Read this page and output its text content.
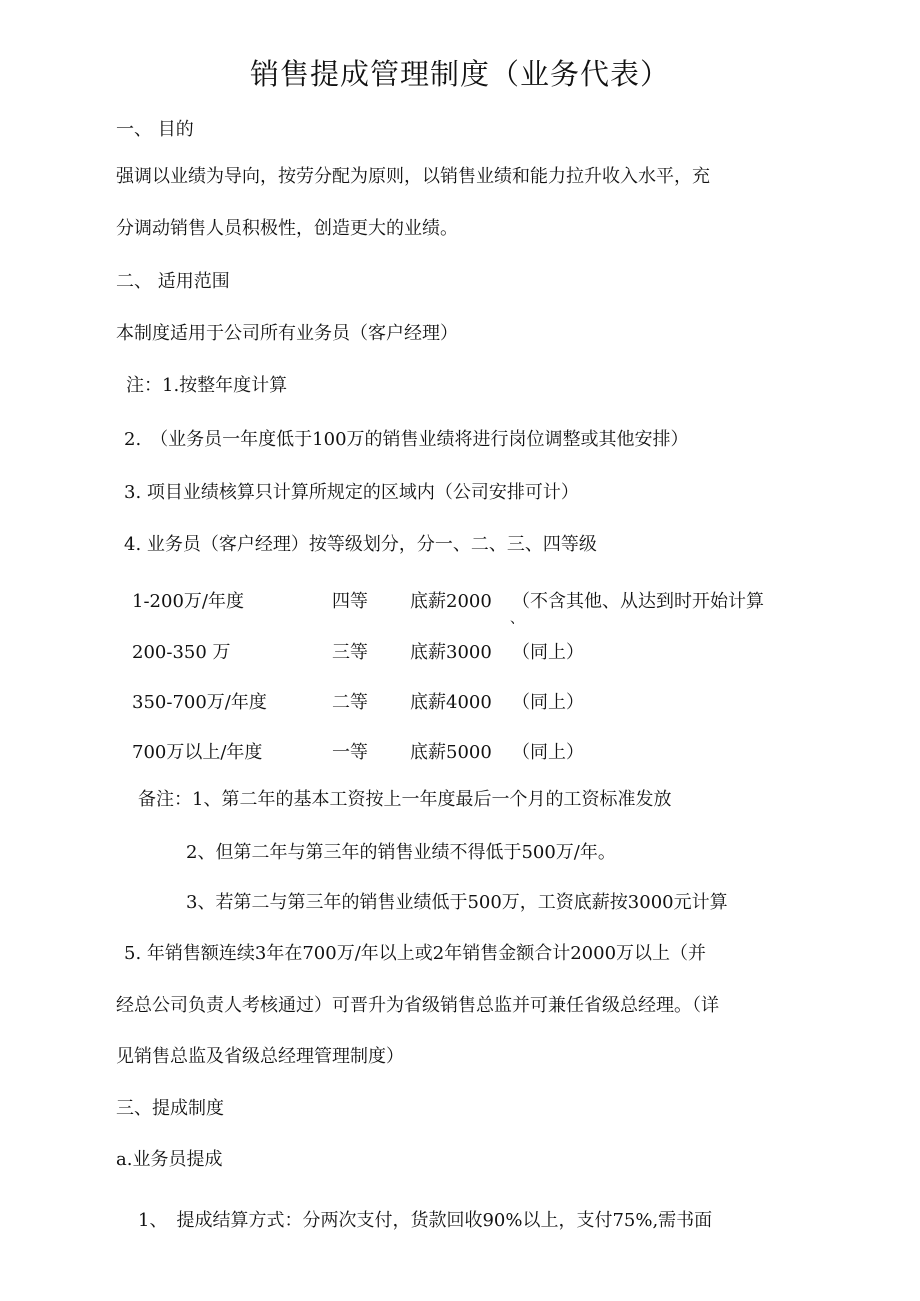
销售提成管理制度（业务代表）
一、 目的
强调以业绩为导向，按劳分配为原则，以销售业绩和能力拉升收入水平，充
分调动销售人员积极性，创造更大的业绩。
二、 适用范围
本制度适用于公司所有业务员（客户经理）
注：1.按整年度计算
2.　（业务员一年度低于100万的销售业绩将进行岗位调整或其他安排）
3. 项目业绩核算只计算所规定的区域内（公司安排可计）
4. 业务员（客户经理）按等级划分，分一、二、三、四等级
1-200万/年度	四等 底薪2000 （不含其他、从达到时开始计算
、
200-350 万	三等 底薪3000 （同上）
350-700万/年度	二等 底薪4000 （同上）
700万以上/年度	一等 底薪5000 （同上）
备注：1、第二年的基本工资按上一年度最后一个月的工资标准发放
2、但第二年与第三年的销售业绩不得低于500万/年。
3、若第二与第三年的销售业绩低于500万，工资底薪按3000元计算
5. 年销售额连续3年在700万/年以上或2年销售金额合计2000万以上（并
经总公司负责人考核通过）可晋升为省级销售总监并可兼任省级总经理。（详
见销售总监及省级总经理管理制度）
三、提成制度
a.业务员提成
1、　提成结算方式：分两次支付，货款回收90%以上，支付75%,需书面
